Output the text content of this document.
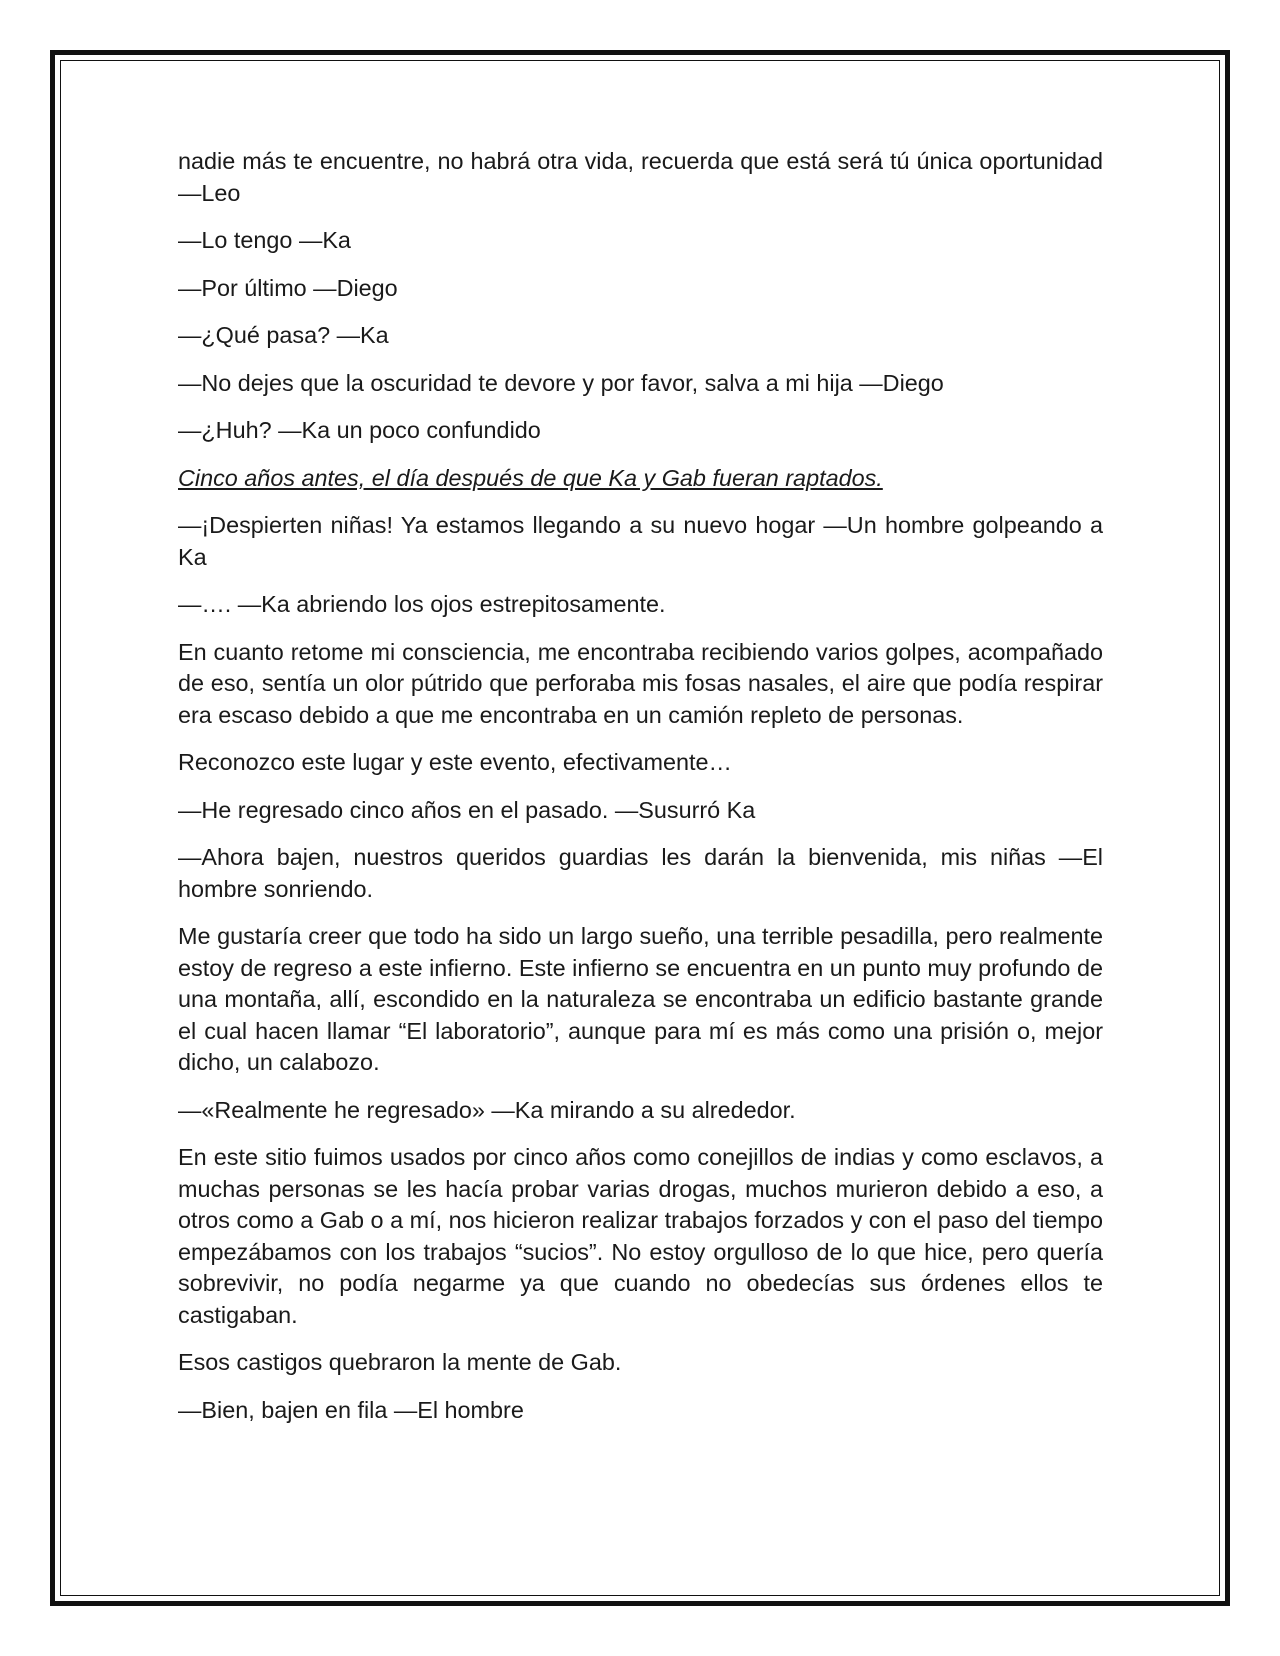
nadie más te encuentre, no habrá otra vida, recuerda que está será tú única oportunidad —Leo

—Lo tengo —Ka

—Por último —Diego

—¿Qué pasa? —Ka

—No dejes que la oscuridad te devore y por favor, salva a mi hija —Diego

—¿Huh? —Ka un poco confundido

Cinco años antes, el día después de que Ka y Gab fueran raptados.

—¡Despierten niñas! Ya estamos llegando a su nuevo hogar —Un hombre golpeando a Ka

—…. —Ka abriendo los ojos estrepitosamente.

En cuanto retome mi consciencia, me encontraba recibiendo varios golpes, acompañado de eso, sentía un olor pútrido que perforaba mis fosas nasales, el aire que podía respirar era escaso debido a que me encontraba en un camión repleto de personas.

Reconozco este lugar y este evento, efectivamente…

—He regresado cinco años en el pasado. —Susurró Ka

—Ahora bajen, nuestros queridos guardias les darán la bienvenida, mis niñas —El hombre sonriendo.

Me gustaría creer que todo ha sido un largo sueño, una terrible pesadilla, pero realmente estoy de regreso a este infierno. Este infierno se encuentra en un punto muy profundo de una montaña, allí, escondido en la naturaleza se encontraba un edificio bastante grande el cual hacen llamar “El laboratorio”, aunque para mí es más como una prisión o, mejor dicho, un calabozo.

—«Realmente he regresado» —Ka mirando a su alrededor.

En este sitio fuimos usados por cinco años como conejillos de indias y como esclavos, a muchas personas se les hacía probar varias drogas, muchos murieron debido a eso, a otros como a Gab o a mí, nos hicieron realizar trabajos forzados y con el paso del tiempo empezábamos con los trabajos “sucios”. No estoy orgulloso de lo que hice, pero quería sobrevivir, no podía negarme ya que cuando no obedecías sus órdenes ellos te castigaban.

Esos castigos quebraron la mente de Gab.

—Bien, bajen en fila —El hombre
